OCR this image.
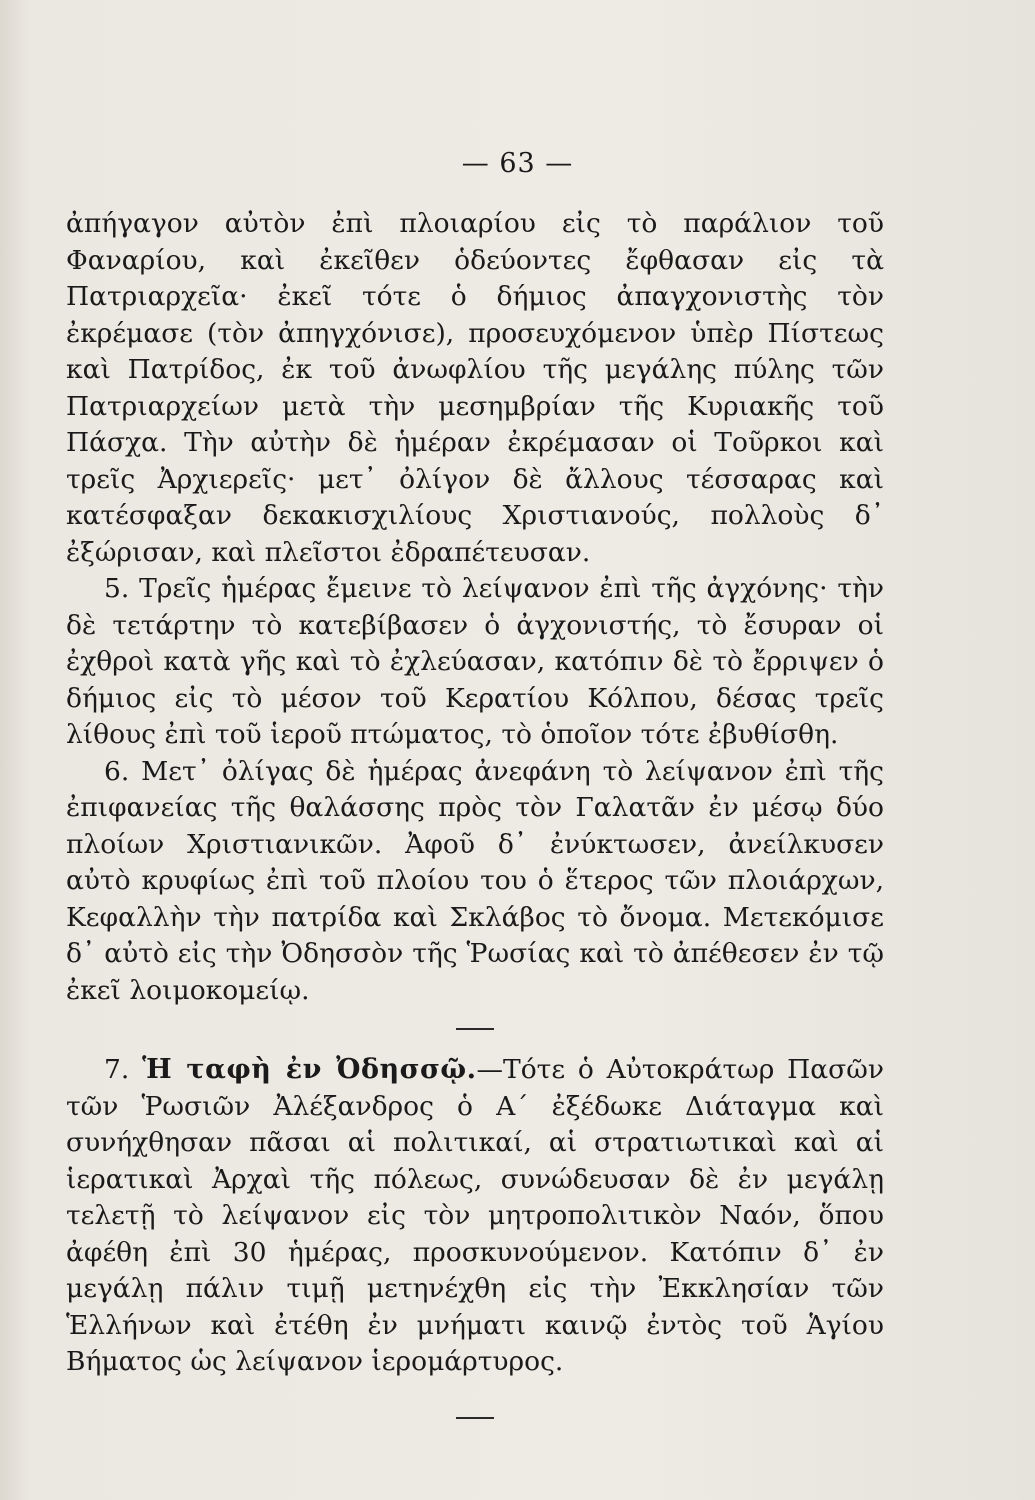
— 63 —

ἀπήγαγον αὐτὸν ἐπὶ πλοιαρίου εἰς τὸ παράλιον τοῦ Φαναρίου, καὶ ἐκεῖθεν ὁδεύοντες ἔφθασαν εἰς τὰ Πατριαρχεῖα· ἐκεῖ τότε ὁ δήμιος ἀπαγχονιστὴς τὸν ἐκρέμασε (τὸν ἀπηγχόνισε), προσευχόμενον ὑπὲρ Πίστεως καὶ Πατρίδος, ἐκ τοῦ ἀνωφλίου τῆς μεγάλης πύλης τῶν Πατριαρχείων μετὰ τὴν μεσημβρίαν τῆς Κυριακῆς τοῦ Πάσχα. Τὴν αὐτὴν δὲ ἡμέραν ἐκρέμασαν οἱ Τοῦρκοι καὶ τρεῖς Ἀρχιερεῖς· μετ᾽ ὀλίγον δὲ ἄλλους τέσσαρας καὶ κατέσφαξαν δεκακισχιλίους Χριστιανούς, πολλοὺς δ᾽ ἐξώρισαν, καὶ πλεῖστοι ἐδραπέτευσαν.

5. Τρεῖς ἡμέρας ἔμεινε τὸ λείψανον ἐπὶ τῆς ἀγχόνης· τὴν δὲ τετάρτην τὸ κατεβίβασεν ὁ ἀγχονιστής, τὸ ἔσυραν οἱ ἐχθροὶ κατὰ γῆς καὶ τὸ ἐχλεύασαν, κατόπιν δὲ τὸ ἔρριψεν ὁ δήμιος εἰς τὸ μέσον τοῦ Κερατίου Κόλπου, δέσας τρεῖς λίθους ἐπὶ τοῦ ἱεροῦ πτώματος, τὸ ὁποῖον τότε ἐβυθίσθη.

6. Μετ᾽ ὀλίγας δὲ ἡμέρας ἀνεφάνη τὸ λείψανον ἐπὶ τῆς ἐπιφανείας τῆς θαλάσσης πρὸς τὸν Γαλατᾶν ἐν μέσῳ δύο πλοίων Χριστιανικῶν. Ἀφοῦ δ᾽ ἐνύκτωσεν, ἀνείλκυσεν αὐτὸ κρυφίως ἐπὶ τοῦ πλοίου του ὁ ἕτερος τῶν πλοιάρχων, Κεφαλλὴν τὴν πατρίδα καὶ Σκλάβος τὸ ὄνομα. Μετεκόμισε δ᾽ αὐτὸ εἰς τὴν Ὀδησσὸν τῆς Ῥωσίας καὶ τὸ ἀπέθεσεν ἐν τῷ ἐκεῖ λοιμοκομείῳ.

7. Ἡ ταφὴ ἐν Ὀδησσῷ.—Τότε ὁ Αὐτοκράτωρ Πασῶν τῶν Ῥωσιῶν Ἀλέξανδρος ὁ Α´ ἐξέδωκε Διάταγμα καὶ συνήχθησαν πᾶσαι αἱ πολιτικαί, αἱ στρατιωτικαὶ καὶ αἱ ἱερατικαὶ Ἀρχαὶ τῆς πόλεως, συνώδευσαν δὲ ἐν μεγάλῃ τελετῇ τὸ λείψανον εἰς τὸν μητροπολιτικὸν Ναόν, ὅπου ἀφέθη ἐπὶ 30 ἡμέρας, προσκυνούμενον. Κατόπιν δ᾽ ἐν μεγάλῃ πάλιν τιμῇ μετηνέχθη εἰς τὴν Ἐκκλησίαν τῶν Ἑλλήνων καὶ ἐτέθη ἐν μνήματι καινῷ ἐντὸς τοῦ Ἁγίου Βήματος ὡς λείψανον ἱερομάρτυρος.
